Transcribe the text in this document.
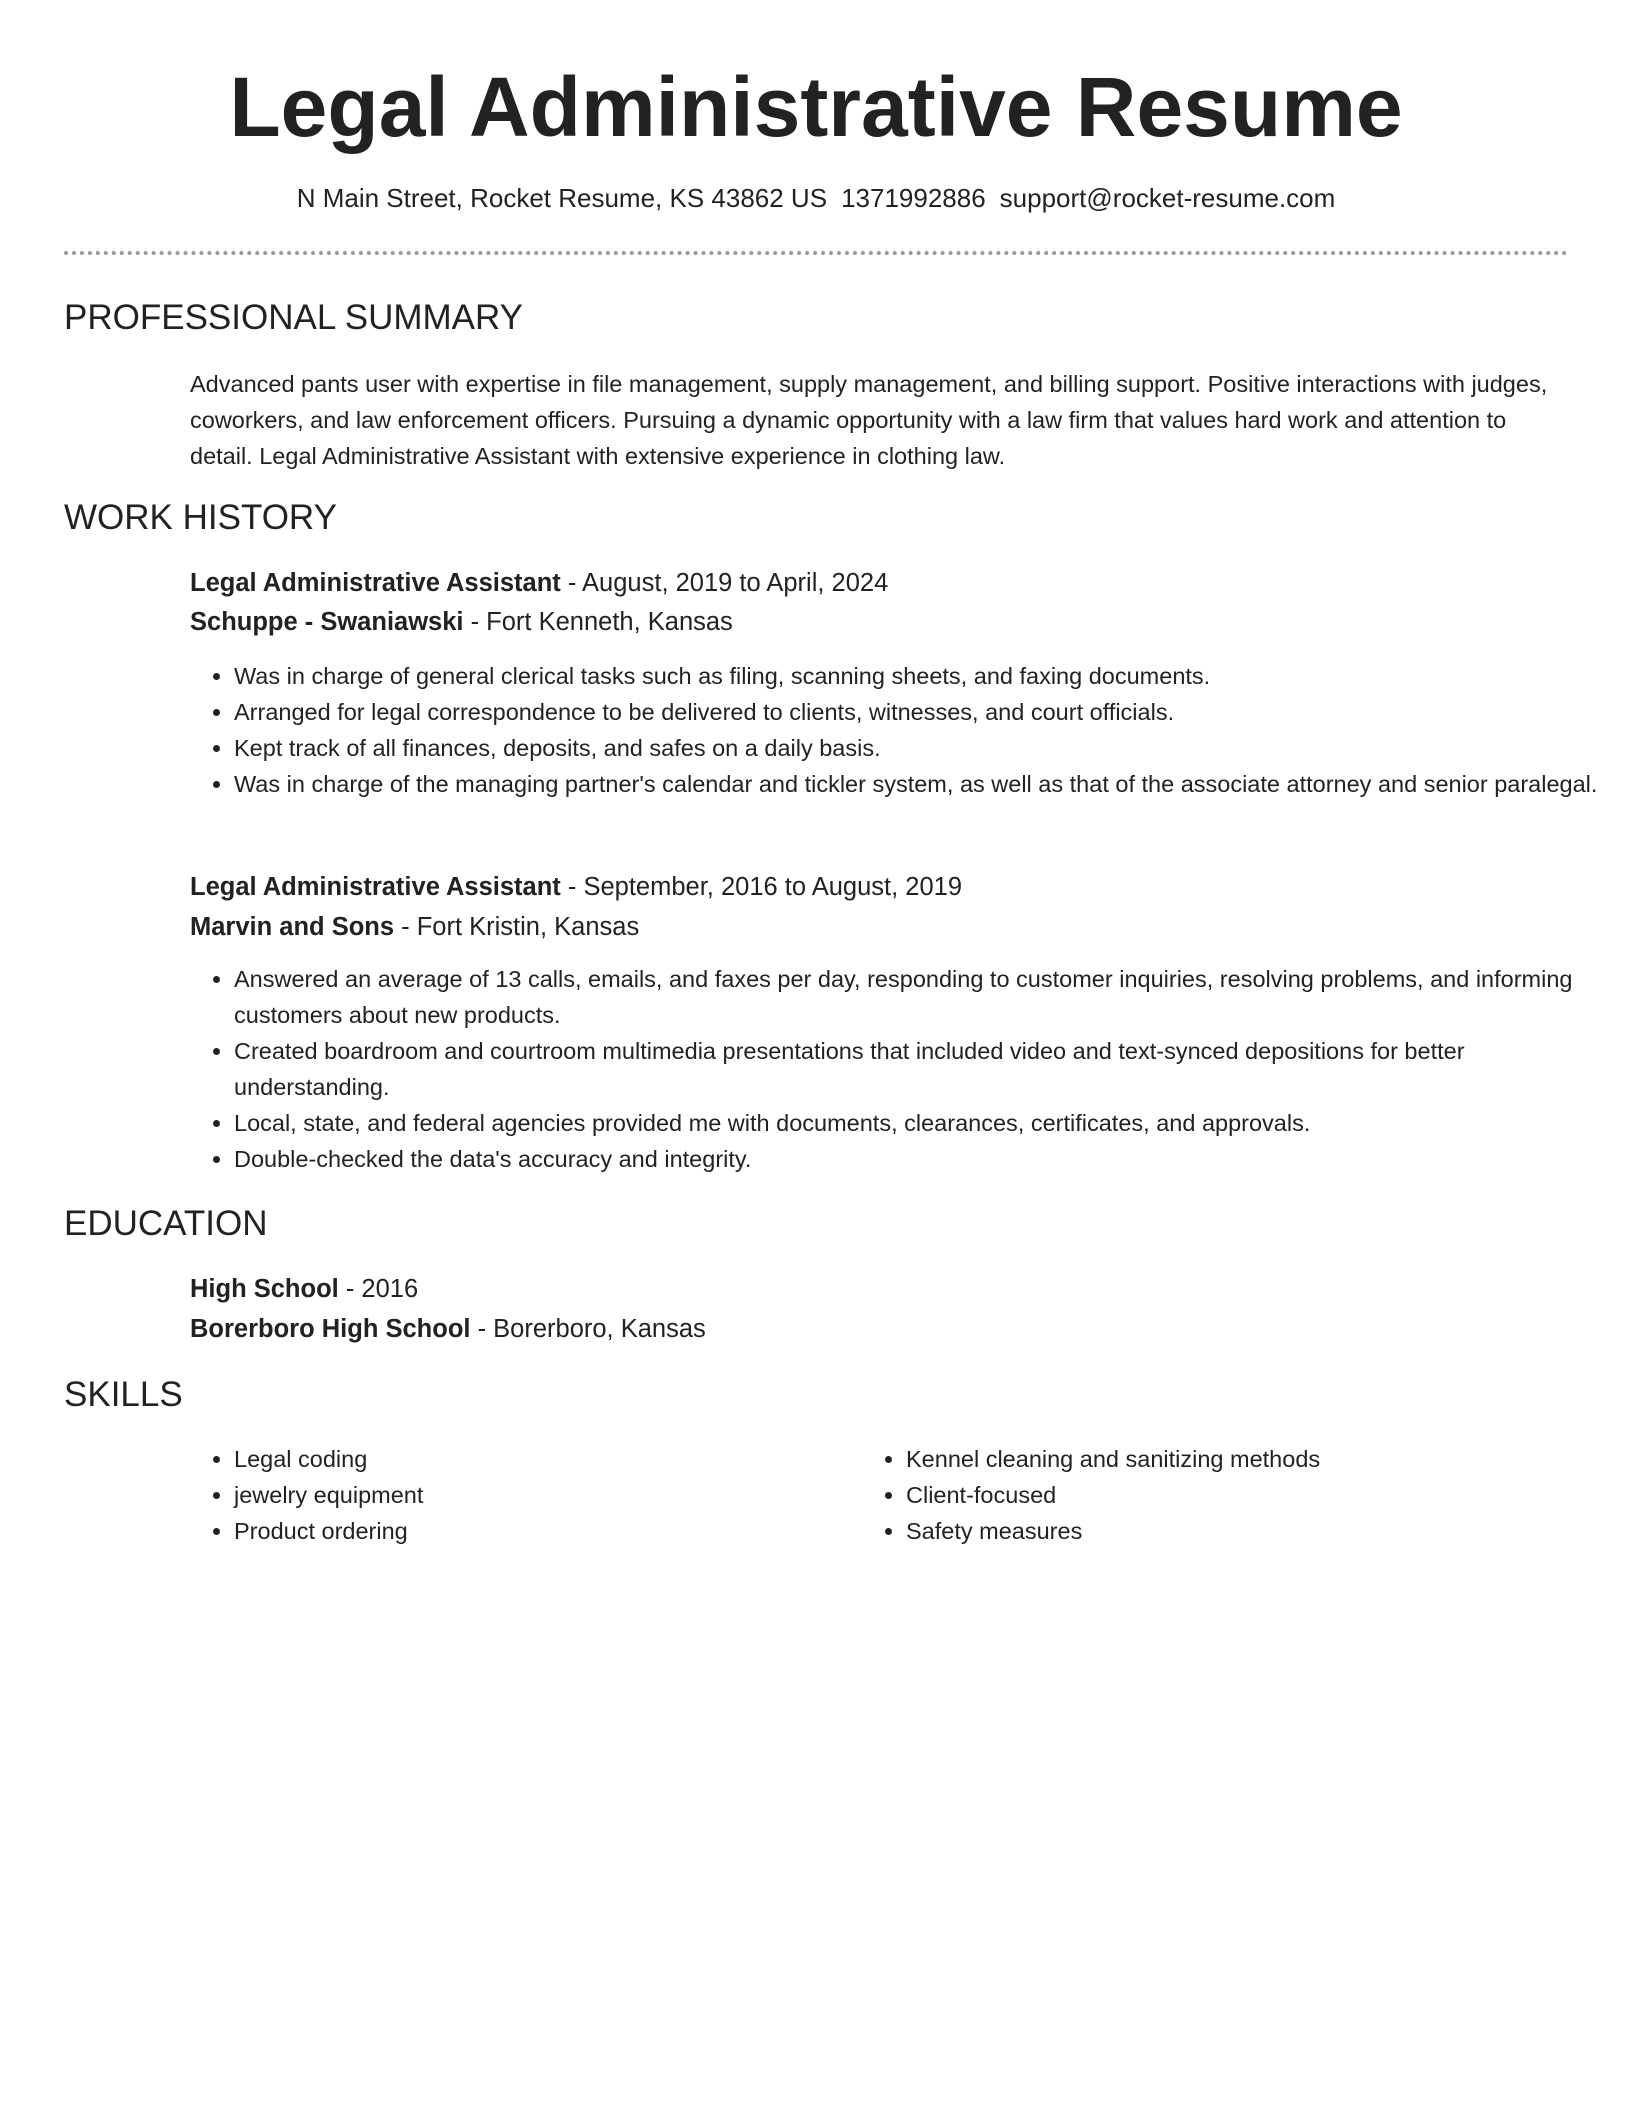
Legal Administrative Resume
N Main Street, Rocket Resume, KS 43862 US 1371992886 support@rocket-resume.com
PROFESSIONAL SUMMARY

Advanced pants user with expertise in file management, supply management, and billing support. Positive interactions with judges, coworkers, and law enforcement officers. Pursuing a dynamic opportunity with a law firm that values hard work and attention to detail. Legal Administrative Assistant with extensive experience in clothing law.

WORK HISTORY
Legal Administrative Assistant - August, 2019 to April, 2024
Schuppe - Swaniawski - Fort Kenneth, Kansas
• Was in charge of general clerical tasks such as filing, scanning sheets, and faxing documents.
• Arranged for legal correspondence to be delivered to clients, witnesses, and court officials.
• Kept track of all finances, deposits, and safes on a daily basis.
• Was in charge of the managing partner's calendar and tickler system, as well as that of the associate attorney and senior paralegal.
Legal Administrative Assistant - September, 2016 to August, 2019
Marvin and Sons - Fort Kristin, Kansas
• Answered an average of 13 calls, emails, and faxes per day, responding to customer inquiries, resolving problems, and informing customers about new products.
• Created boardroom and courtroom multimedia presentations that included video and text-synced depositions for better understanding.
• Local, state, and federal agencies provided me with documents, clearances, certificates, and approvals.
• Double-checked the data's accuracy and integrity.
EDUCATION
High School - 2016
Borerboro High School - Borerboro, Kansas
SKILLS
• Legal coding
• jewelry equipment
• Product ordering
• Kennel cleaning and sanitizing methods
• Client-focused
• Safety measures
